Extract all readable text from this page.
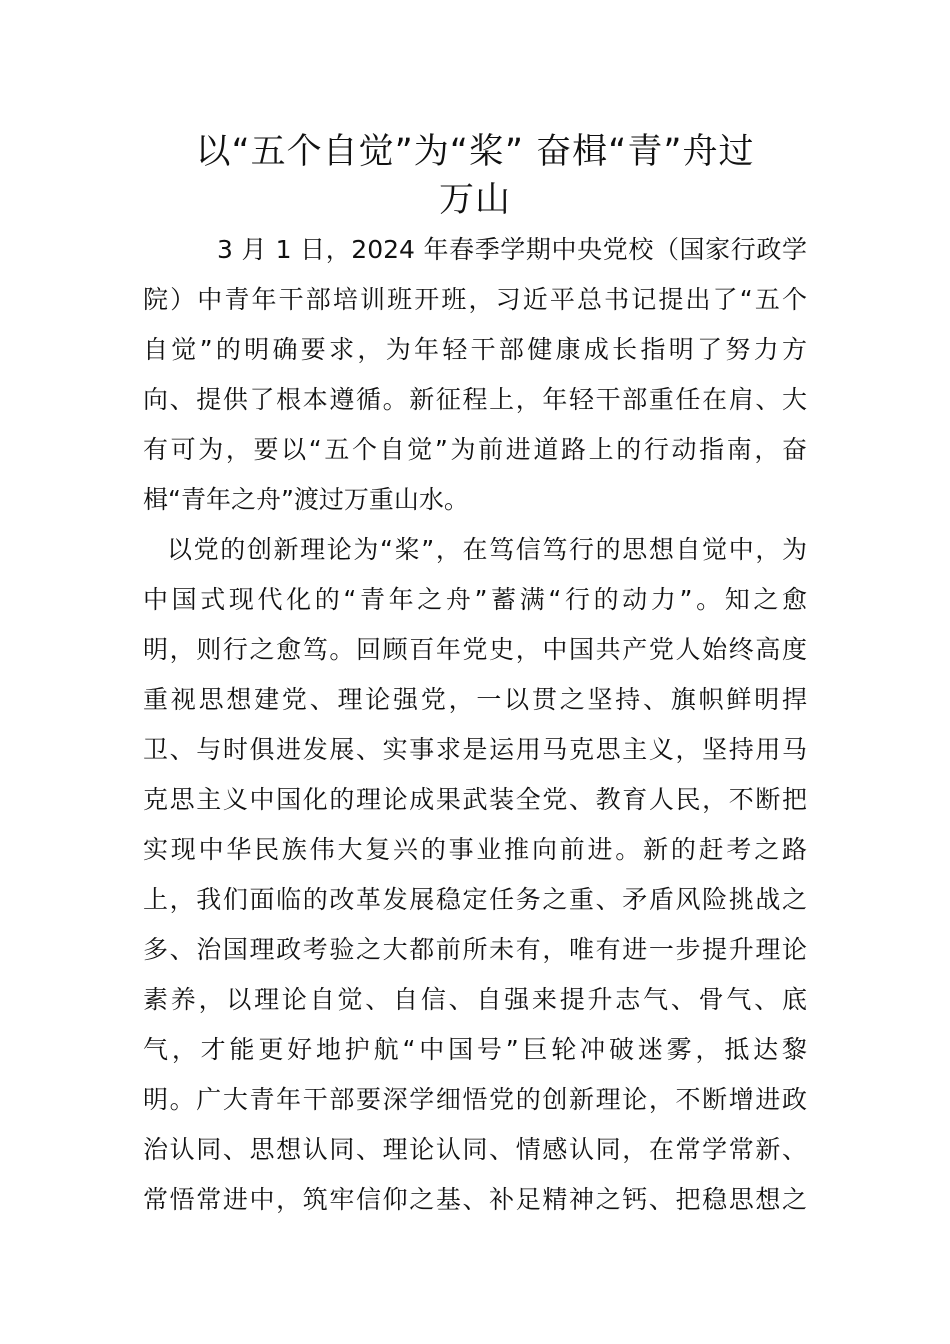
以“五个自觉”为“桨” 奋楫“青”舟过
万山

3 月 1 日，2024 年春季学期中央党校（国家行政学

院）中青年干部培训班开班，习近平总书记提出了“五个

自觉”的明确要求，为年轻干部健康成长指明了努力方

向、提供了根本遵循。新征程上，年轻干部重任在肩、大

有可为，要以“五个自觉”为前进道路上的行动指南，奋

楫“青年之舟”渡过万重山水。

以党的创新理论为“桨”，在笃信笃行的思想自觉中，为

中国式现代化的“青年之舟”蓄满“行的动力”。知之愈

明，则行之愈笃。回顾百年党史，中国共产党人始终高度

重视思想建党、理论强党，一以贯之坚持、旗帜鲜明捍

卫、与时俱进发展、实事求是运用马克思主义，坚持用马

克思主义中国化的理论成果武装全党、教育人民，不断把

实现中华民族伟大复兴的事业推向前进。新的赶考之路

上，我们面临的改革发展稳定任务之重、矛盾风险挑战之

多、治国理政考验之大都前所未有，唯有进一步提升理论

素养，以理论自觉、自信、自强来提升志气、骨气、底

气，才能更好地护航“中国号”巨轮冲破迷雾，抵达黎

明。广大青年干部要深学细悟党的创新理论，不断增进政

治认同、思想认同、理论认同、情感认同，在常学常新、

常悟常进中，筑牢信仰之基、补足精神之钙、把稳思想之
